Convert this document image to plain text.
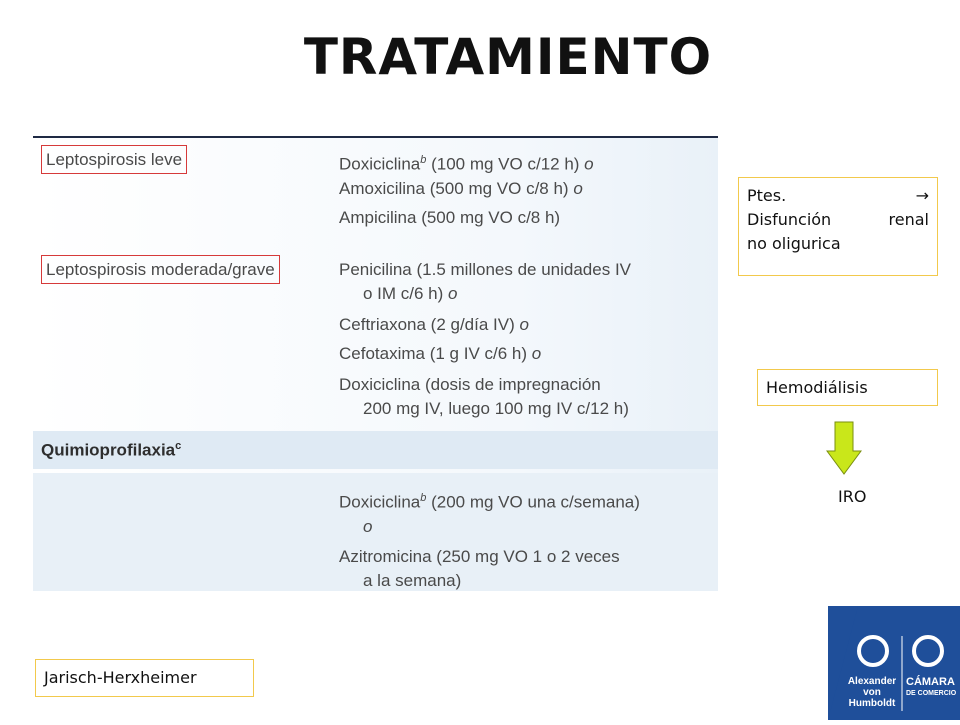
TRATAMIENTO
Leptospirosis leve	Doxiciclina$^b$ (100 mg VO c/12 h) o
Amoxicilina (500 mg VO c/8 h) o
Ampicilina (500 mg VO c/8 h)
Leptospirosis moderada/grave	Penicilina (1.5 millones de unidades IV
o IM c/6 h) o
Ceftriaxona (2 g/día IV) o
Cefotaxima (1 g IV c/6 h) o
Doxiciclina (dosis de impregnación
200 mg IV, luego 100 mg IV c/12 h)
Quimioprofilaxia$^c$
Doxiciclina$^b$ (200 mg VO una c/semana)
o
Azitromicina (250 mg VO 1 o 2 veces
a la semana)
Ptes.	→
Disfunción	renal
no oligurica
Hemodiálisis
IRO
Jarisch-Herxheimer	Alexander
von Humboldt
CÁMARA
DE COMERCIO
